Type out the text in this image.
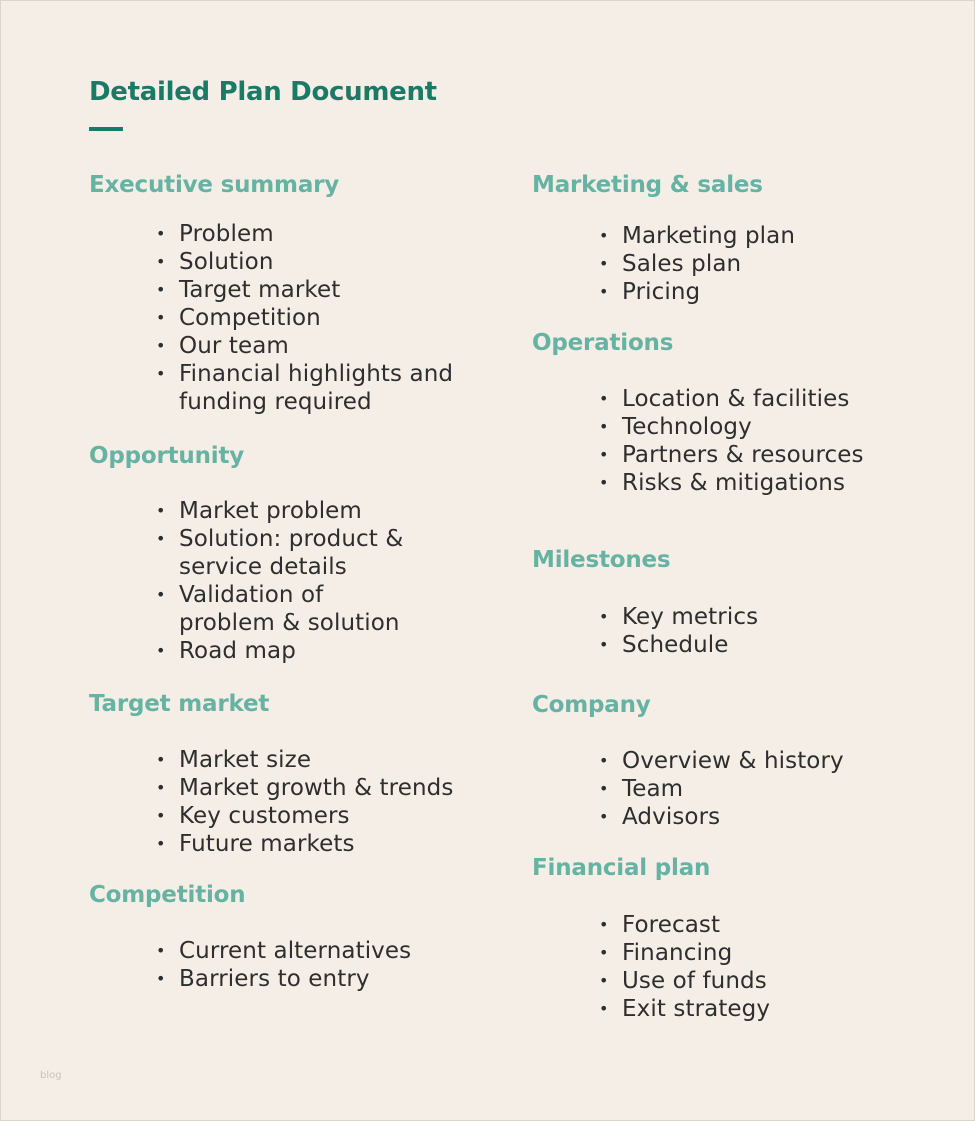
Detailed Plan Document
Executive summary
• Problem
• Solution
• Target market
• Competition
• Our team
• Financial highlights and funding required
Opportunity
• Market problem
• Solution: product & service details
• Validation of problem & solution
• Road map
Target market
• Market size
• Market growth & trends
• Key customers
• Future markets
Competition
• Current alternatives
• Barriers to entry
Marketing & sales
• Marketing plan
• Sales plan
• Pricing
Operations
• Location & facilities
• Technology
• Partners & resources
• Risks & mitigations
Milestones
• Key metrics
• Schedule
Company
• Overview & history
• Team
• Advisors
Financial plan
• Forecast
• Financing
• Use of funds
• Exit strategy
blog
